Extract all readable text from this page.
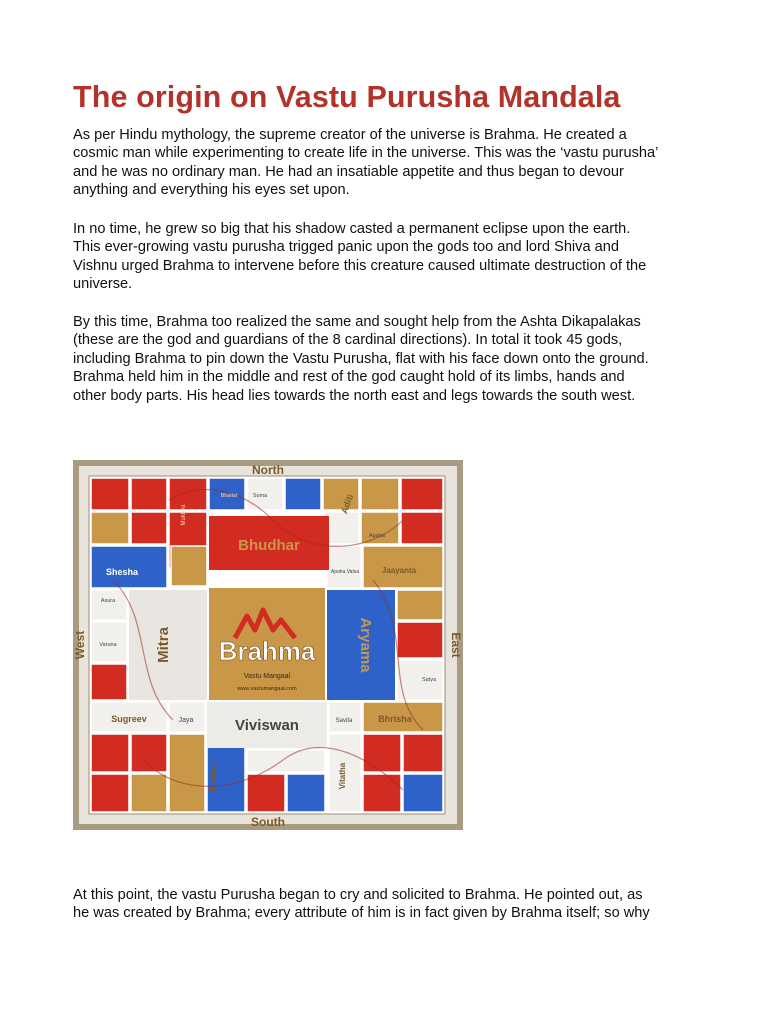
The origin on Vastu Purusha Mandala
As per Hindu mythology, the supreme creator of the universe is Brahma. He created a
cosmic man while experimenting to create life in the universe. This was the ‘vastu purusha’
and he was no ordinary man. He had an insatiable appetite and thus began to devour
anything and everything his eyes set upon.
In no time, he grew so big that his shadow casted a permanent eclipse upon the earth.
This ever-growing vastu purusha trigged panic upon the gods too and lord Shiva and
Vishnu urged Brahma to intervene before this creature caused ultimate destruction of the
universe.
By this time, Brahma too realized the same and sought help from the Ashta Dikapalakas
(these are the god and guardians of the 8 cardinal directions). In total it took 45 gods,
including Brahma to pin down the Vastu Purusha, flat with his face down onto the ground.
Brahma held him in the middle and rest of the god caught hold of its limbs, hands and
other body parts. His head lies towards the north east and legs towards the south west.
North
South
West	East
Bhudhar
Mitra	Aryama
Viviswan
Brahma
Vastu Mangaal
www.vastumangaal.com
Shesha
Sugreev	Jaya
Aditi
Apaha
Jaayanta
Apaha Vatsa
Bhrisha
Savita
Vitatha
Satya
Mukhya
Soma
Bhallat
Asura
Varuna
Bhringraj
At this point, the vastu Purusha began to cry and solicited to Brahma. He pointed out, as
he was created by Brahma; every attribute of him is in fact given by Brahma itself; so why
